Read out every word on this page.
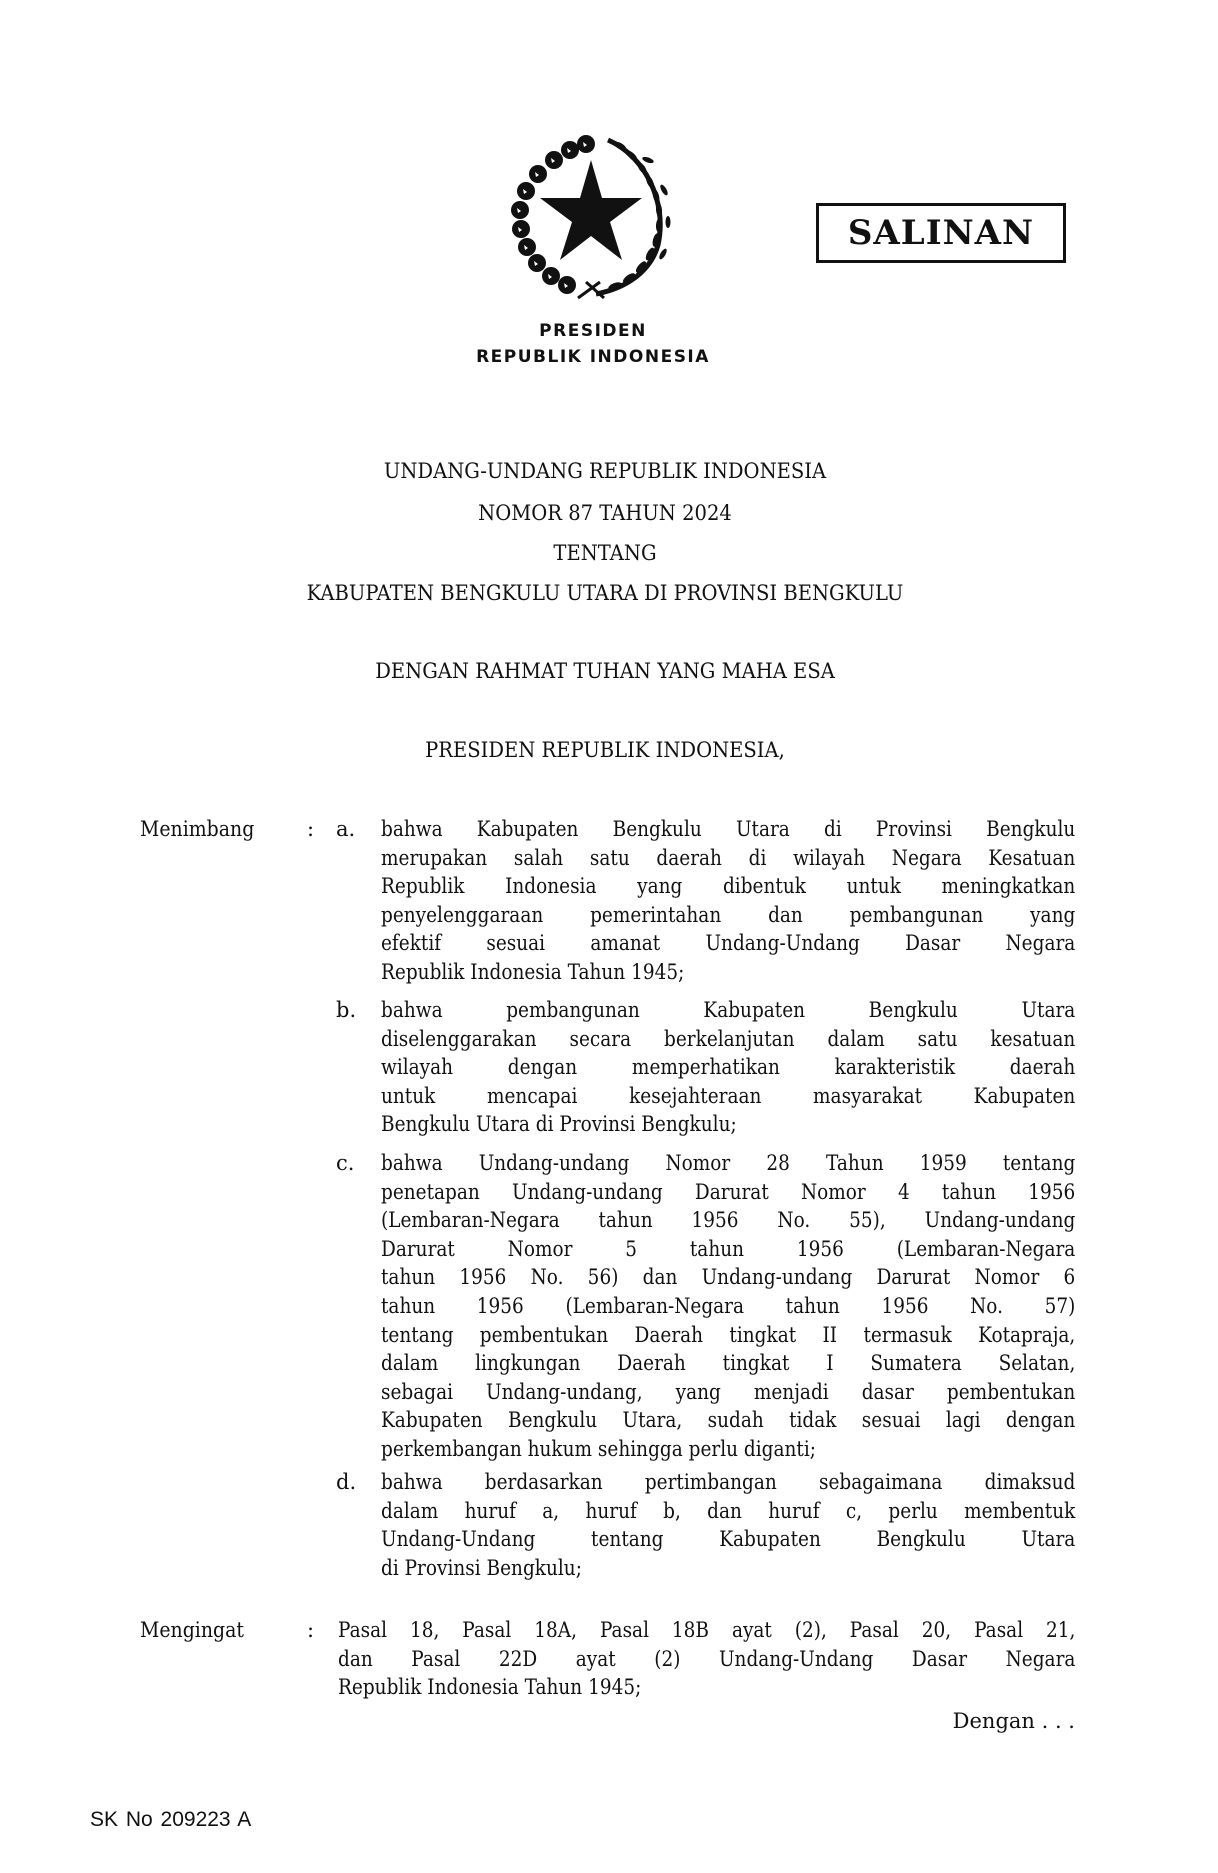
SALINAN
PRESIDEN
REPUBLIK INDONESIA
UNDANG-UNDANG REPUBLIK INDONESIA
NOMOR 87 TAHUN 2024
TENTANG
KABUPATEN BENGKULU UTARA DI PROVINSI BENGKULU
DENGAN RAHMAT TUHAN YANG MAHA ESA
PRESIDEN REPUBLIK INDONESIA,
Menimbang	: a. bahwa Kabupaten Bengkulu Utara di Provinsi Bengkulu
merupakan salah satu daerah di wilayah Negara Kesatuan
Republik Indonesia yang dibentuk untuk meningkatkan
penyelenggaraan pemerintahan dan pembangunan yang
efektif sesuai amanat Undang-Undang Dasar Negara
Republik Indonesia Tahun 1945;
b. bahwa pembangunan Kabupaten Bengkulu Utara
diselenggarakan secara berkelanjutan dalam satu kesatuan
wilayah dengan memperhatikan karakteristik daerah
untuk mencapai kesejahteraan masyarakat Kabupaten
Bengkulu Utara di Provinsi Bengkulu;
c. bahwa Undang-undang Nomor 28 Tahun 1959 tentang
penetapan Undang-undang Darurat Nomor 4 tahun 1956
(Lembaran-Negara tahun 1956 No. 55), Undang-undang
Darurat Nomor 5 tahun 1956 (Lembaran-Negara
tahun 1956 No. 56) dan Undang-undang Darurat Nomor 6
tahun 1956 (Lembaran-Negara tahun 1956 No. 57)
tentang pembentukan Daerah tingkat II termasuk Kotapraja,
dalam lingkungan Daerah tingkat I Sumatera Selatan,
sebagai Undang-undang, yang menjadi dasar pembentukan
Kabupaten Bengkulu Utara, sudah tidak sesuai lagi dengan
perkembangan hukum sehingga perlu diganti;
d. bahwa berdasarkan pertimbangan sebagaimana dimaksud
dalam huruf a, huruf b, dan huruf c, perlu membentuk
Undang-Undang tentang Kabupaten Bengkulu Utara
di Provinsi Bengkulu;
Mengingat	: Pasal 18, Pasal 18A, Pasal 18B ayat (2), Pasal 20, Pasal 21,
dan Pasal 22D ayat (2) Undang-Undang Dasar Negara
Republik Indonesia Tahun 1945;
Dengan . . .
SK No 209223 A
